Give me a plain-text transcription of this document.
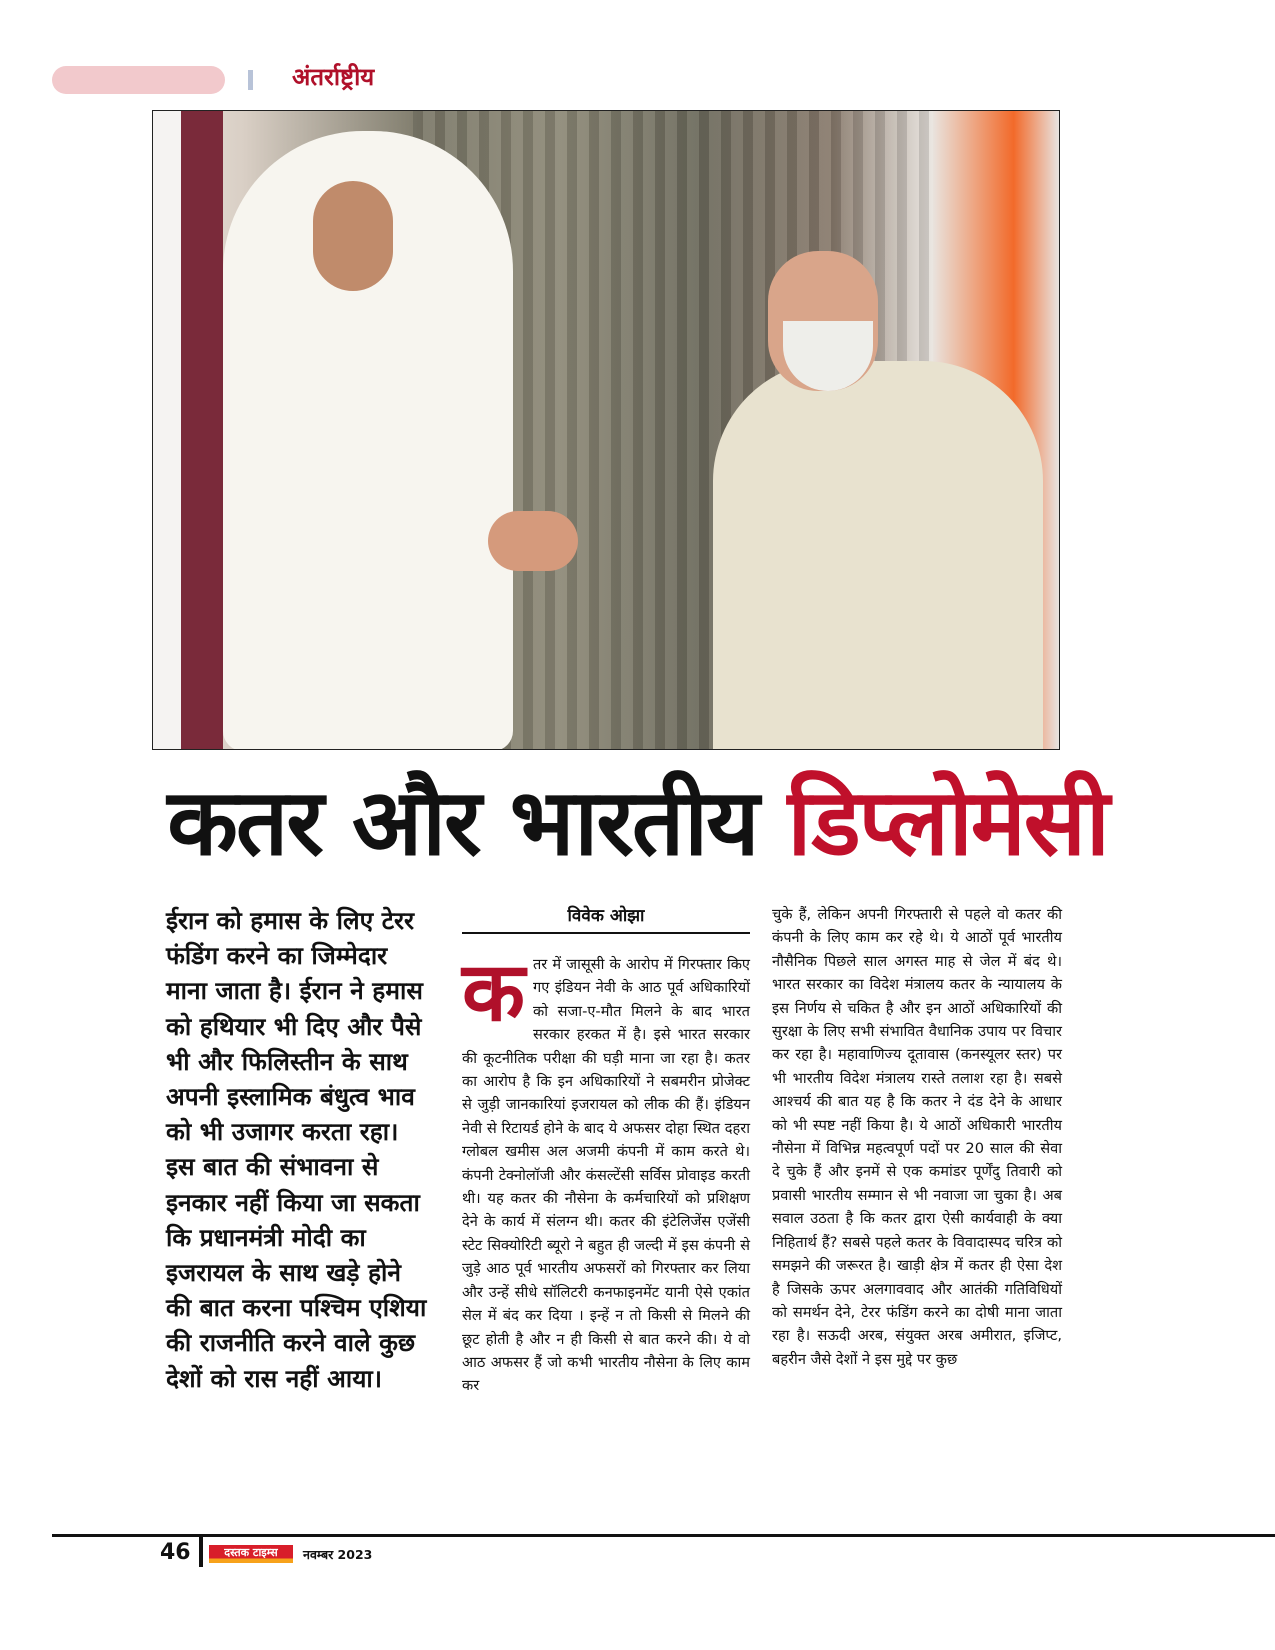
अंतर्राष्ट्रीय
कतर और भारतीय डिप्लोमेसी
ईरान को हमास के लिए टेरर फंडिंग करने का जिम्मेदार माना जाता है। ईरान ने हमास को हथियार भी दिए और पैसे भी और फिलिस्तीन के साथ अपनी इस्लामिक बंधुत्व भाव को भी उजागर करता रहा। इस बात की संभावना से इनकार नहीं किया जा सकता कि प्रधानमंत्री मोदी का इजरायल के साथ खड़े होने की बात करना पश्चिम एशिया की राजनीति करने वाले कुछ देशों को रास नहीं आया।
विवेक ओझा
कतर में जासूसी के आरोप में गिरफ्तार किए गए इंडियन नेवी के आठ पूर्व अधिकारियों को सजा-ए-मौत मिलने के बाद भारत सरकार हरकत में है। इसे भारत सरकार की कूटनीतिक परीक्षा की घड़ी माना जा रहा है। कतर का आरोप है कि इन अधिकारियों ने सबमरीन प्रोजेक्ट से जुड़ी जानकारियां इजरायल को लीक की हैं। इंडियन नेवी से रिटायर्ड होने के बाद ये अफसर दोहा स्थित दहरा ग्लोबल खमीस अल अजमी कंपनी में काम करते थे। कंपनी टेक्नोलॉजी और कंसल्टेंसी सर्विस प्रोवाइड करती थी। यह कतर की नौसेना के कर्मचारियों को प्रशिक्षण देने के कार्य में संलग्न थी। कतर की इंटेलिजेंस एजेंसी स्टेट सिक्योरिटी ब्यूरो ने बहुत ही जल्दी में इस कंपनी से जुड़े आठ पूर्व भारतीय अफसरों को गिरफ्तार कर लिया और उन्हें सीधे सॉलिटरी कनफाइनमेंट यानी ऐसे एकांत सेल में बंद कर दिया । इन्हें न तो किसी से मिलने की छूट होती है और न ही किसी से बात करने की। ये वो आठ अफसर हैं जो कभी भारतीय नौसेना के लिए काम कर
चुके हैं, लेकिन अपनी गिरफ्तारी से पहले वो कतर की कंपनी के लिए काम कर रहे थे। ये आठों पूर्व भारतीय नौसैनिक पिछले साल अगस्त माह से जेल में बंद थे। भारत सरकार का विदेश मंत्रालय कतर के न्यायालय के इस निर्णय से चकित है और इन आठों अधिकारियों की सुरक्षा के लिए सभी संभावित वैधानिक उपाय पर विचार कर रहा है। महावाणिज्य दूतावास (कनस्यूलर स्तर) पर भी भारतीय विदेश मंत्रालय रास्ते तलाश रहा है। सबसे आश्चर्य की बात यह है कि कतर ने दंड देने के आधार को भी स्पष्ट नहीं किया है। ये आठों अधिकारी भारतीय नौसेना में विभिन्न महत्वपूर्ण पदों पर 20 साल की सेवा दे चुके हैं और इनमें से एक कमांडर पूर्णेंदु तिवारी को प्रवासी भारतीय सम्मान से भी नवाजा जा चुका है। अब सवाल उठता है कि कतर द्वारा ऐसी कार्यवाही के क्या निहितार्थ हैं? सबसे पहले कतर के विवादास्पद चरित्र को समझने की जरूरत है। खाड़ी क्षेत्र में कतर ही ऐसा देश है जिसके ऊपर अलगाववाद और आतंकी गतिविधियों को समर्थन देने, टेरर फंडिंग करने का दोषी माना जाता रहा है। सऊदी अरब, संयुक्त अरब अमीरात, इजिप्ट, बहरीन जैसे देशों ने इस मुद्दे पर कुछ
46	दस्तक टाइम्स	नवम्बर 2023
